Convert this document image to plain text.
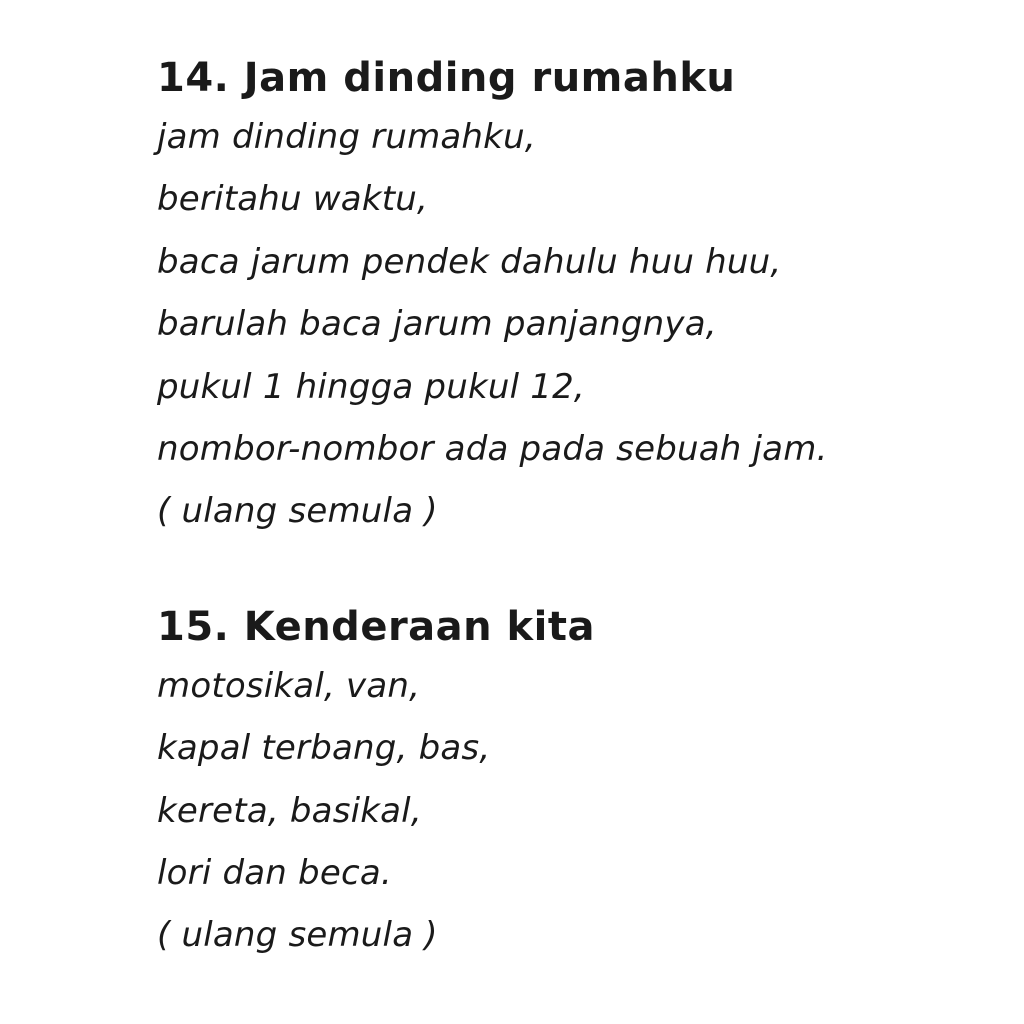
14. Jam dinding rumahku
jam dinding rumahku,
beritahu waktu,
baca jarum pendek dahulu huu huu,
barulah baca jarum panjangnya,
pukul 1 hingga pukul 12,
nombor-nombor ada pada sebuah jam.
( ulang semula )
15. Kenderaan kita
motosikal, van,
kapal terbang, bas,
kereta, basikal,
lori dan beca.
( ulang semula )
